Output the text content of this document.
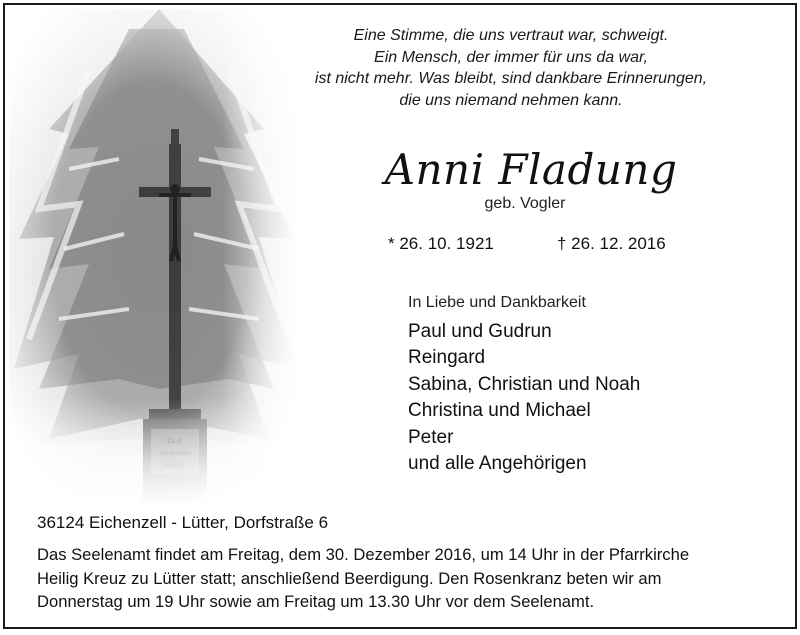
Eine Stimme, die uns vertraut war, schweigt.
Ein Mensch, der immer für uns da war,
ist nicht mehr. Was bleibt, sind dankbare Erinnerungen,
die uns niemand nehmen kann.
Anni Fladung
geb. Vogler
* 26. 10. 1921	† 26. 12. 2016
In Liebe und Dankbarkeit
Paul und Gudrun
Reingard
Sabina, Christian und Noah
Christina und Michael
Peter
und alle Angehörigen
36124 Eichenzell - Lütter, Dorfstraße 6
Das Seelenamt findet am Freitag, dem 30. Dezember 2016, um 14 Uhr in der Pfarrkirche
Heilig Kreuz zu Lütter statt; anschließend Beerdigung. Den Rosenkranz beten wir am
Donnerstag um 19 Uhr sowie am Freitag um 13.30 Uhr vor dem Seelenamt.
